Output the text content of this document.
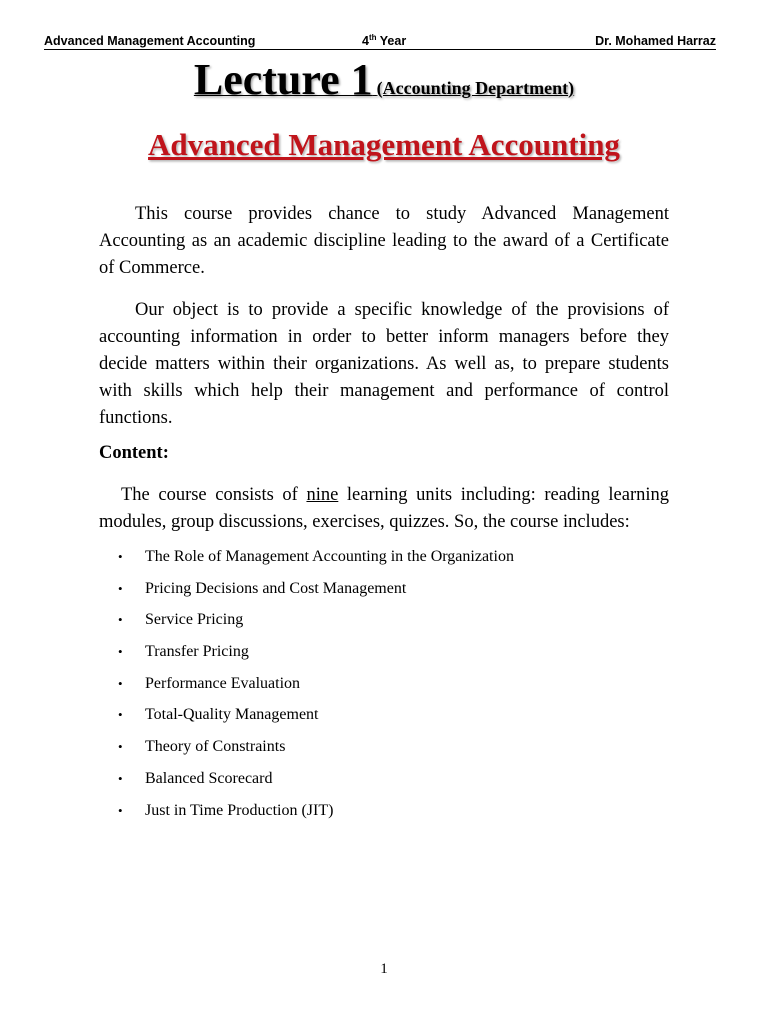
Advanced Management Accounting	4th Year	Dr. Mohamed Harraz
Lecture 1 (Accounting Department)
Advanced Management Accounting
This course provides chance to study Advanced Management Accounting as an academic discipline leading to the award of a Certificate of Commerce.
Our object is to provide a specific knowledge of the provisions of accounting information in order to better inform managers before they decide matters within their organizations. As well as, to prepare students with skills which help their management and performance of control functions.
Content:
The course consists of nine learning units including: reading learning modules, group discussions, exercises, quizzes. So, the course includes:
• The Role of Management Accounting in the Organization
• Pricing Decisions and Cost Management
• Service Pricing
• Transfer Pricing
• Performance Evaluation
• Total-Quality Management
• Theory of Constraints
• Balanced Scorecard
• Just in Time Production (JIT)
1
